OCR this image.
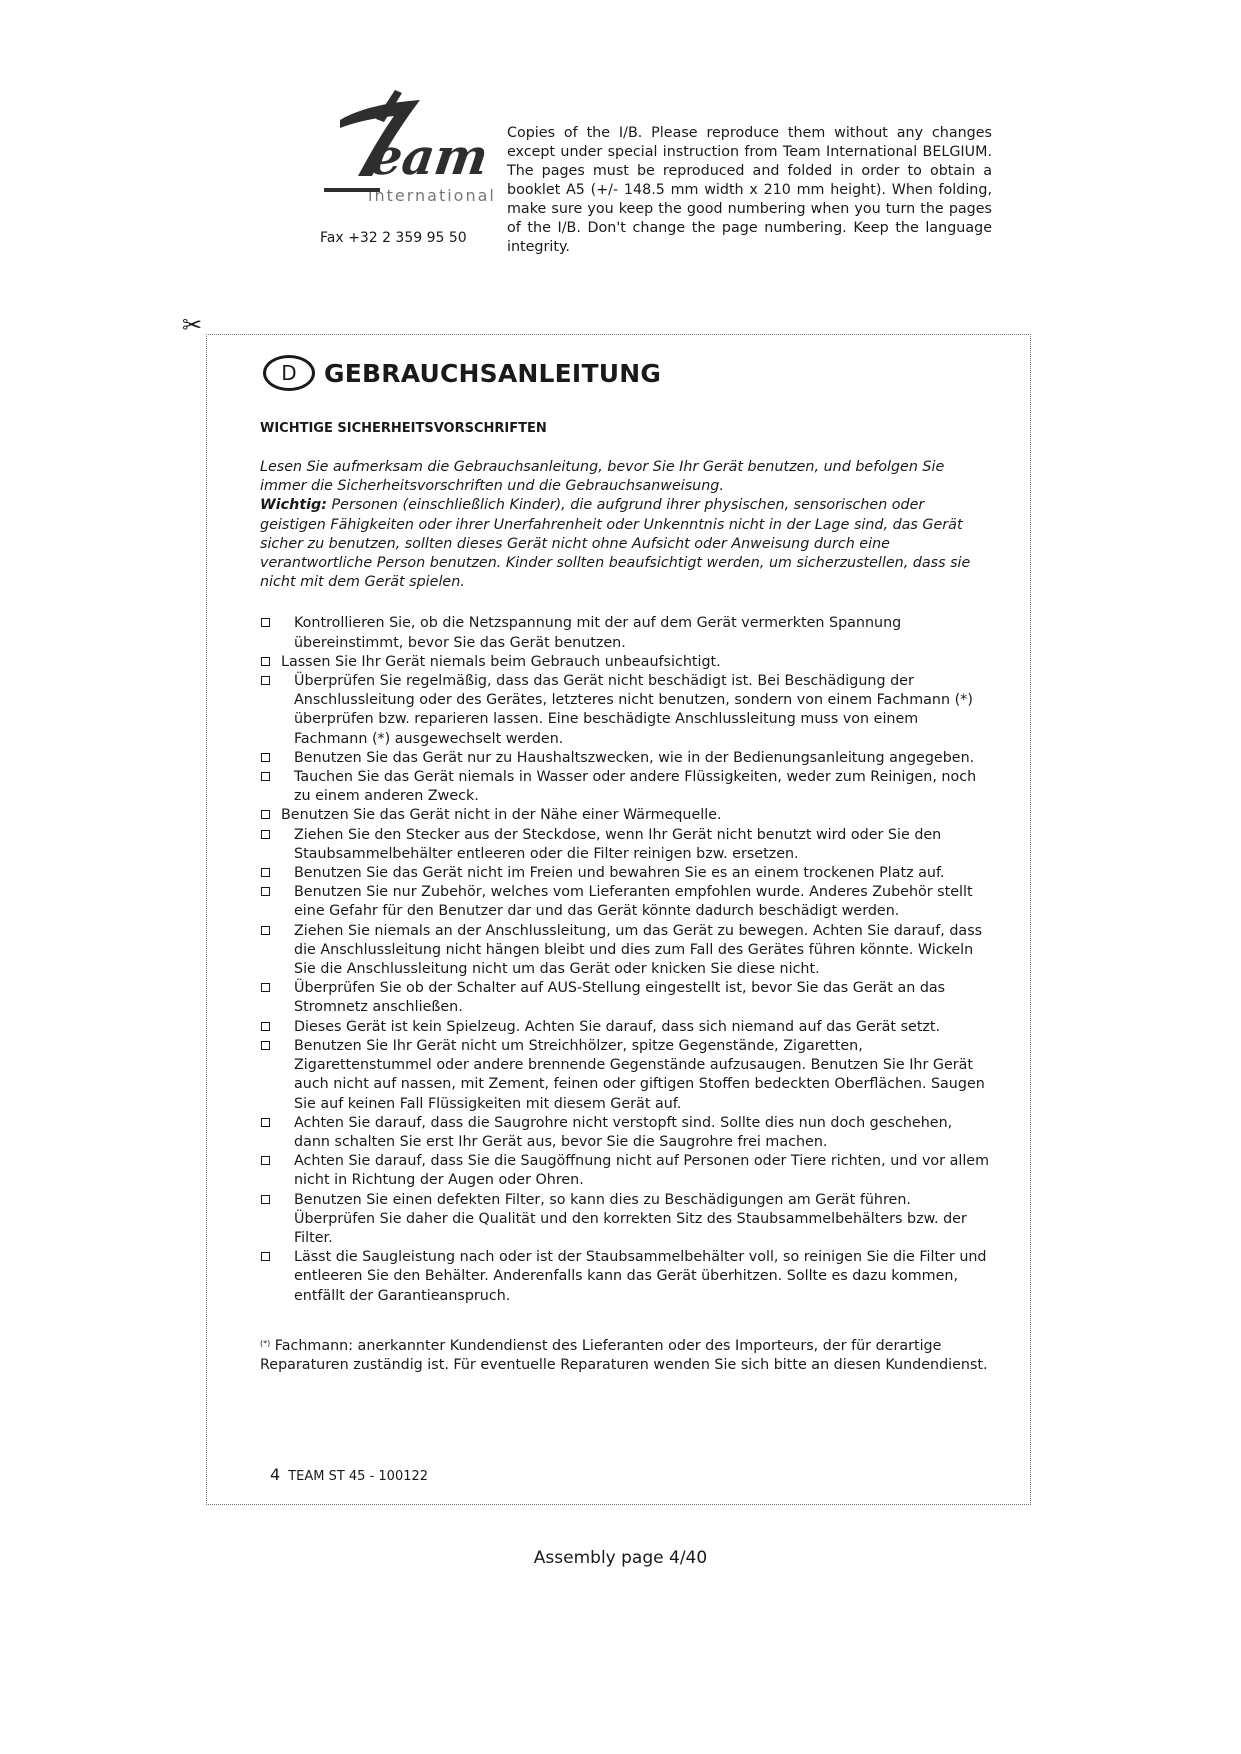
eam
international
Fax +32 2 359 95 50
Copies of the I/B. Please reproduce them without any changes except under special instruction from Team International BELGIUM. The pages must be reproduced and folded in order to obtain a booklet A5 (+/- 148.5 mm width x 210 mm height). When folding, make sure you keep the good numbering when you turn the pages of the I/B. Don't change the page numbering. Keep the language integrity.
✂
D	GEBRAUCHSANLEITUNG
WICHTIGE SICHERHEITSVORSCHRIFTEN
Lesen Sie aufmerksam die Gebrauchsanleitung, bevor Sie Ihr Gerät benutzen, und befolgen Sie immer die Sicherheitsvorschriften und die Gebrauchsanweisung.
Wichtig: Personen (einschließlich Kinder), die aufgrund ihrer physischen, sensorischen oder geistigen Fähigkeiten oder ihrer Unerfahrenheit oder Unkenntnis nicht in der Lage sind, das Gerät sicher zu benutzen, sollten dieses Gerät nicht ohne Aufsicht oder Anweisung durch eine verantwortliche Person benutzen. Kinder sollten beaufsichtigt werden, um sicherzustellen, dass sie nicht mit dem Gerät spielen.
Kontrollieren Sie, ob die Netzspannung mit der auf dem Gerät vermerkten Spannung übereinstimmt, bevor Sie das Gerät benutzen.
Lassen Sie Ihr Gerät niemals beim Gebrauch unbeaufsichtigt.
Überprüfen Sie regelmäßig, dass das Gerät nicht beschädigt ist. Bei Beschädigung der Anschlussleitung oder des Gerätes, letzteres nicht benutzen, sondern von einem Fachmann (*) überprüfen bzw. reparieren lassen. Eine beschädigte Anschlussleitung muss von einem Fachmann (*) ausgewechselt werden.
Benutzen Sie das Gerät nur zu Haushaltszwecken, wie in der Bedienungsanleitung angegeben.
Tauchen Sie das Gerät niemals in Wasser oder andere Flüssigkeiten, weder zum Reinigen, noch zu einem anderen Zweck.
Benutzen Sie das Gerät nicht in der Nähe einer Wärmequelle.
Ziehen Sie den Stecker aus der Steckdose, wenn Ihr Gerät nicht benutzt wird oder Sie den Staubsammelbehälter entleeren oder die Filter reinigen bzw. ersetzen.
Benutzen Sie das Gerät nicht im Freien und bewahren Sie es an einem trockenen Platz auf.
Benutzen Sie nur Zubehör, welches vom Lieferanten empfohlen wurde. Anderes Zubehör stellt eine Gefahr für den Benutzer dar und das Gerät könnte dadurch beschädigt werden.
Ziehen Sie niemals an der Anschlussleitung, um das Gerät zu bewegen. Achten Sie darauf, dass die Anschlussleitung nicht hängen bleibt und dies zum Fall des Gerätes führen könnte. Wickeln Sie die Anschlussleitung nicht um das Gerät oder knicken Sie diese nicht.
Überprüfen Sie ob der Schalter auf AUS-Stellung eingestellt ist, bevor Sie das Gerät an das Stromnetz anschließen.
Dieses Gerät ist kein Spielzeug. Achten Sie darauf, dass sich niemand auf das Gerät setzt.
Benutzen Sie Ihr Gerät nicht um Streichhölzer, spitze Gegenstände, Zigaretten, Zigarettenstummel oder andere brennende Gegenstände aufzusaugen. Benutzen Sie Ihr Gerät auch nicht auf nassen, mit Zement, feinen oder giftigen Stoffen bedeckten Oberflächen. Saugen Sie auf keinen Fall Flüssigkeiten mit diesem Gerät auf.
Achten Sie darauf, dass die Saugrohre nicht verstopft sind. Sollte dies nun doch geschehen, dann schalten Sie erst Ihr Gerät aus, bevor Sie die Saugrohre frei machen.
Achten Sie darauf, dass Sie die Saugöffnung nicht auf Personen oder Tiere richten, und vor allem nicht in Richtung der Augen oder Ohren.
Benutzen Sie einen defekten Filter, so kann dies zu Beschädigungen am Gerät führen. Überprüfen Sie daher die Qualität und den korrekten Sitz des Staubsammelbehälters bzw. der Filter.
Lässt die Saugleistung nach oder ist der Staubsammelbehälter voll, so reinigen Sie die Filter und entleeren Sie den Behälter. Anderenfalls kann das Gerät überhitzen. Sollte es dazu kommen, entfällt der Garantieanspruch.
(*) Fachmann: anerkannter Kundendienst des Lieferanten oder des Importeurs, der für derartige Reparaturen zuständig ist. Für eventuelle Reparaturen wenden Sie sich bitte an diesen Kundendienst.
4 TEAM ST 45 - 100122
Assembly page 4/40
